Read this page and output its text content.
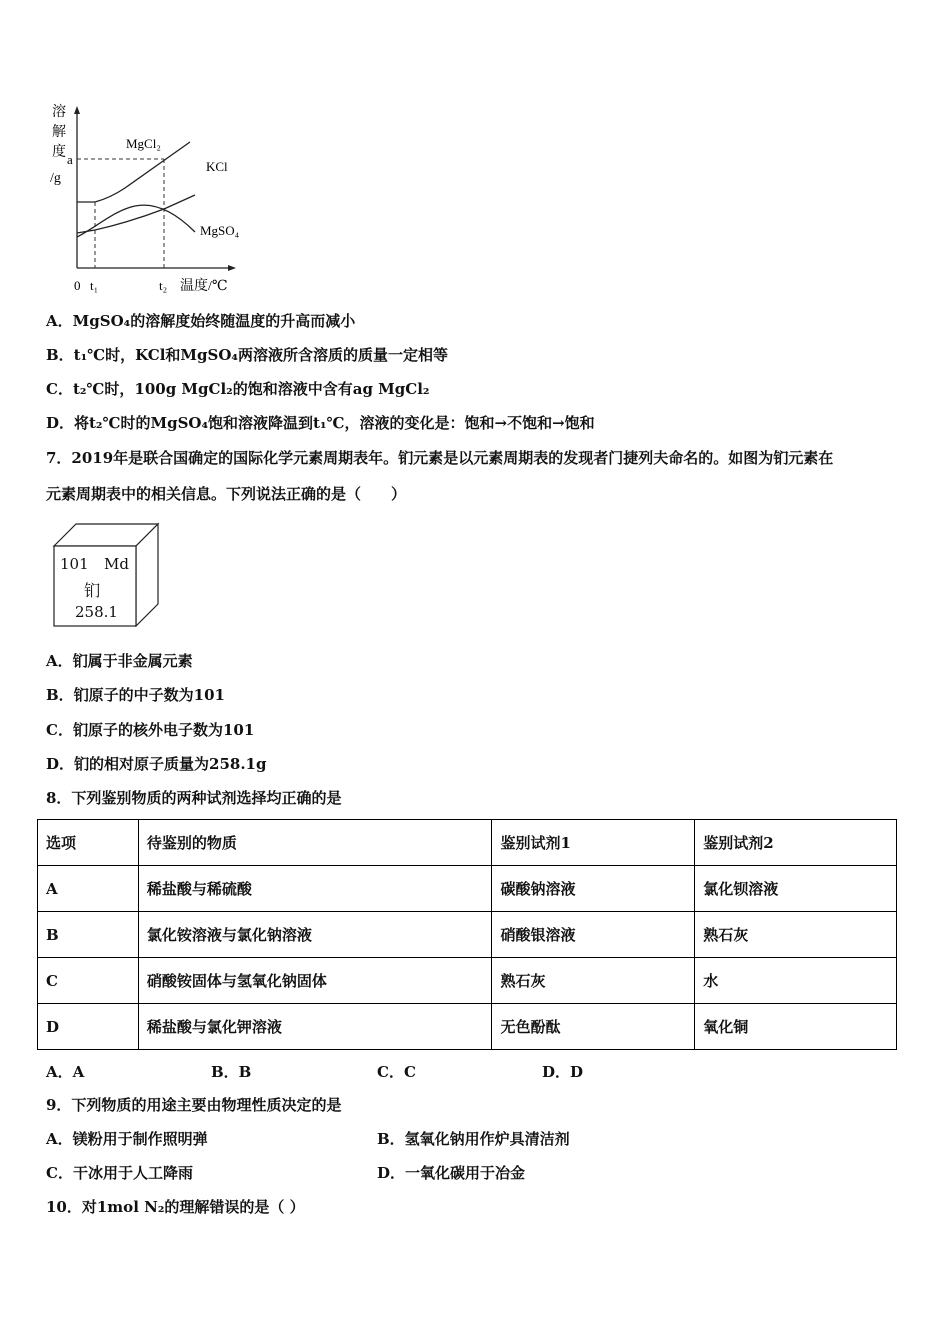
溶
解
度
/g
a
MgCl₂
KCl
MgSO₄
0 t₁	t₂ 温度/℃
A．MgSO₄的溶解度始终随温度的升高而减小
B．t₁℃时，KCl和MgSO₄两溶液所含溶质的质量一定相等
C．t₂℃时，100g MgCl₂的饱和溶液中含有ag MgCl₂
D．将t₂℃时的MgSO₄饱和溶液降温到t₁℃，溶液的变化是：饱和→不饱和→饱和
7．2019年是联合国确定的国际化学元素周期表年。钔元素是以元素周期表的发现者门捷列夫命名的。如图为钔元素在
元素周期表中的相关信息。下列说法正确的是（　　）
101 Md
钔
258.1
A．钔属于非金属元素
B．钔原子的中子数为101
C．钔原子的核外电子数为101
D．钔的相对原子质量为258.1g
8．下列鉴别物质的两种试剂选择均正确的是
选项	待鉴别的物质	鉴别试剂1	鉴别试剂2
A	稀盐酸与稀硫酸	碳酸钠溶液	氯化钡溶液
B	氯化铵溶液与氯化钠溶液	硝酸银溶液	熟石灰
C	硝酸铵固体与氢氧化钠固体	熟石灰	水
D	稀盐酸与氯化钾溶液	无色酚酞	氧化铜
A．A	B．B	C．C	D．D
9．下列物质的用途主要由物理性质决定的是
A．镁粉用于制作照明弹	B．氢氧化钠用作炉具清洁剂
C．干冰用于人工降雨	D．一氧化碳用于冶金
10．对1mol N₂的理解错误的是（ ）
